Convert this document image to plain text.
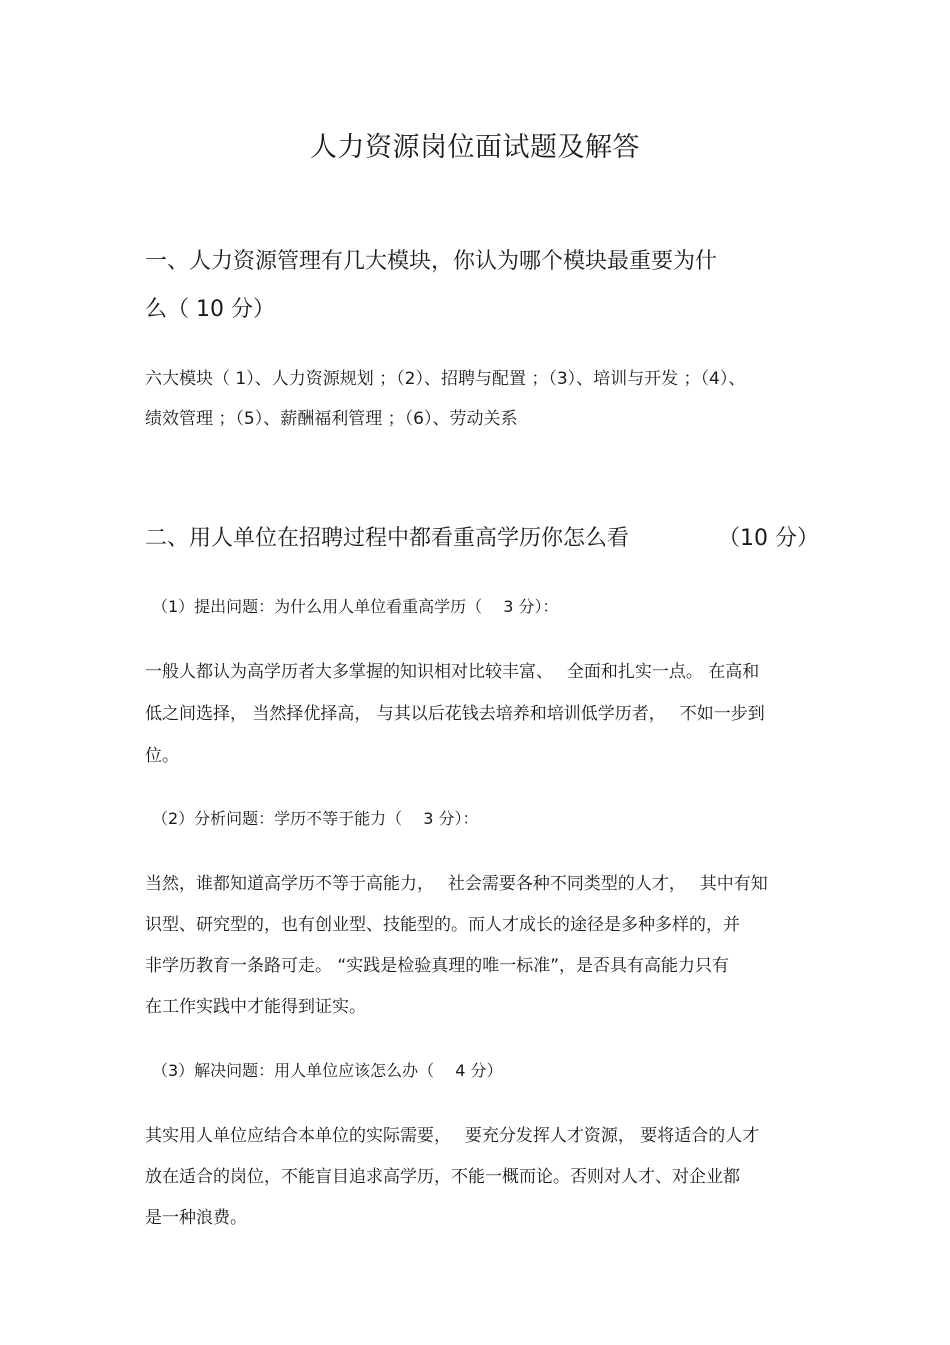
人力资源岗位面试题及解答
一、人力资源管理有几大模块，你认为哪个模块最重要为什
么（ 10 分）
六大模块（ 1）、人力资源规划 ；（2）、招聘与配置 ；（3）、培训与开发 ；（4）、
绩效管理 ；（5）、薪酬福利管理 ；（6）、劳动关系
二、用人单位在招聘过程中都看重高学历你怎么看	（10 分）
（1）提出问题：为什么用人单位看重高学历（　 3 分）：
一般人都认为高学历者大多掌握的知识相对比较丰富、　 全面和扎实一点。 在高和
低之间选择， 当然择优择高， 与其以后花钱去培养和培训低学历者，　 不如一步到
位。
（2）分析问题：学历不等于能力（　 3 分）：
当然，谁都知道高学历不等于高能力，　 社会需要各种不同类型的人才，　 其中有知
识型、研究型的，也有创业型、技能型的。而人才成长的途径是多种多样的，并
非学历教育一条路可走。 “实践是检验真理的唯一标准”，是否具有高能力只有
在工作实践中才能得到证实。
（3）解决问题：用人单位应该怎么办（　 4 分）
其实用人单位应结合本单位的实际需要，　 要充分发挥人才资源， 要将适合的人才
放在适合的岗位，不能盲目追求高学历，不能一概而论。否则对人才、对企业都
是一种浪费。
